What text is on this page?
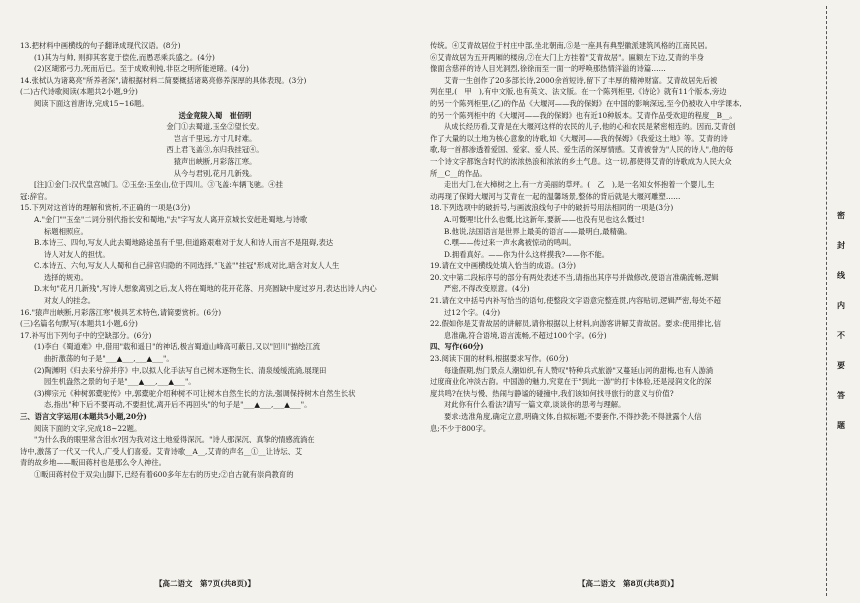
13.把材料中画横线的句子翻译成现代汉语。(8分)
(1)其为与帅, 则抑其客竟于偿佐,而愚恶乘兵盛之。(4分)
(2)区瑚邪弓力,死而后已。至于成败利钝,非臣之明所能逆睹。(4分)
14.张栻认为诸葛亮"所养者深",请根据材料二简要概括诸葛亮修养深厚的具体表现。(3分)
(二)古代诗歌阅读(本题共2小题,9分)
阅读下面这首唐诗,完成15~16题。
送金竟陵入蜀　崔佰明
金门①去蜀道,玉垒②望长安。
岂言千里远,方寸几时难。
西上君飞盖③,东归我挂冠④。
猿声出峡断,月彩落江寒。
从今与君别,花月几新残。
[注]①金门:汉代皇宫城门。②玉垒:玉垒山,位于四川。③飞盖:车辆飞驰。④挂
冠:辞官。
15.下列对这首诗的理解和赏析,不正确的一项是(3分)
A."金门""玉垒"二词分别代指长安和蜀地,"去"字写友人离开京城长安赶赴蜀地,与诗歌
标题相照应。
B.本诗三、四句,写友人此去蜀地路途虽有千里,但道路艰难对于友人和诗人而言不是阻碍,表达
诗人对友人的担忧。
C.本诗五、六句,写友人人蜀和自己辞官归隐的不同选择,"飞盖""挂冠"形成对比,暗含对友人人生
选择的规劝。
D.末句"花月几新残",写诗人想象离别之后,友人将在蜀地的花开花落、月亮圆缺中度过岁月,表达出诗人内心
对友人的挂念。
16."猿声出峡断,月彩落江寒"极具艺术特色,请简要赏析。(6分)
(三)名篇名句默写(本题共1小题,6分)
17.补写出下列句子中的空缺部分。(6分)
(1)李白《蜀道难》中,借用"载和遥日"的神话,极言蜀道山峰高可蔽日,又以"回川"描绘江流
曲折激荡的句子是"___▲___,___▲___"。
(2)陶渊明《归去来兮辞并序》中,以拟人化手法写自己树木逐物生长、清泉缓缓流淌,展现田
园生机盎然之景的句子是"___▲___,___▲___"。
(3)柳宗元《种树郭橐驼传》中,郭橐驼介绍种树不可让树木自然生长的方法,强调保持树木自然生长状
态,指出"种下后不要再动,不要担忧,离开后不再回头"的句子是"___▲___,___▲___"。
三、语言文字运用(本题共5小题,20分)
阅读下面的文字,完成18~22题。
"为什么我的眼里常含泪水?因为我对这土地爱得深沉。"诗人那深沉、真挚的情感流淌在
诗中,激荡了一代又一代人,广受人们喜爱。艾青诗歌__A__,艾青的声名__①__让诗坛、艾
青的故乡地——畈田蒋村也是那么令人神往。
①畈田蒋村位于双尖山脚下,已经有着600多年左右的历史;②自古就有崇尚教育的
传统。④艾青故居位于村庄中部,坐北朝南,⑤是一座具有典型徽派建筑风格的江南民居。
⑥艾青故居为五开两厢的楼房,⑦在大门上方挂着"艾青故居"。匾额左下边,艾青的半身
像面含慈祥的诗人目光洞烈,徐徐而至一面一的呼唤那热情洋溢的诗篇……
艾青一生创作了20多部长诗,2000余首短诗,留下了丰厚的精神财富。艾青故居先后被
列在里,(　甲　),有中文版,也有英文、法文版。在一个陈列柜里,《诗论》就有11个版本,旁边
的另一个陈列柜里,(乙)的作品《大堰河——我的保姆》在中国的影响深远,至今仍被收入中学课本,
的另一个陈列柜中的《大堰河——我的保姆》也有近10种版本。艾青作品受欢迎的程度__B__。
从成长经历看,艾青是在大堰河这样的农民的儿子,他的心和农民是紧密相连的。因而,艾青创
作了大量的以土地为核心意象的诗歌,如《大堰河——我的保姆》《我爱这土地》等。艾青的诗
歌,每一首都渗透着爱国、爱家、爱人民、爱生活的深厚情感。艾青被誉为"人民的诗人",他的每
一个诗文字都饱含时代的浓浓热浪和浓浓的乡土气息。这一切,都使得艾青的诗歌成为人民大众
所__C__的作品。
走出大门,在大樟树之上,有一方美丽的草坪。(　乙　),是一名知女怀抱着一个婴儿,生
动再现了保姆大堰河与艾青在一起的温馨场景,整体的背后就是大堰河雕塑……
18.下列选项中的破折号,与画波浪线句子中的破折号用法相同的一项是(3分)
A.可慨哩!比什么也慨,比这新年,要新——也没有见也这么慨过!
B.他说,法国语言是世界上最美的语言——最明白,最精确。
C.嘿——传过来一声水禽被惊动的鸣叫。
D.拥看真好。——你为什么这样摸我?——你不能。
19.请在文中画横线处填入恰当的成语。(3分)
20.文中第二段标序号的部分有两处表述不当,请指出其序号并做修改,使语言准确流畅,逻辑
严密,不得改变原意。(4分)
21.请在文中括号内补写恰当的语句,使整段文字语意完整连贯,内容贴切,逻辑严密,每处不超
过12个字。(4分)
22.假如你是艾青故居的讲解员,请你根据以上材料,向游客讲解艾青故居。要求:使用排比,信
息准确,符合语境,语言流畅,不超过100个字。(6分)
四、写作(60分)
23.阅读下面的材料,根据要求写作。(60分)
每逢假期,热门景点人潮如织,有人赞叹"特种兵式旅游"又蔓延山河的甜梅,也有人游淌
过度商业化冲淡古韵。中国游的魅力,究竟在于"到此一游"的打卡体验,还是浸润文化的深
度共鸣?在快与慢、热闹与静谧的碰撞中,我们该如何找寻旅行的意义与价值?
对此你有什么看法?请写一篇文章,谈谈你的思考与理解。
要求:选准角度,确定立意,明确文体,自拟标题;不要套作,不得抄袭;不得泄露个人信
息;不少于800字。
【高二语文　第7页(共8页)】	【高二语文　第8页(共8页)】
密
封
线
内
不
要
答
题
